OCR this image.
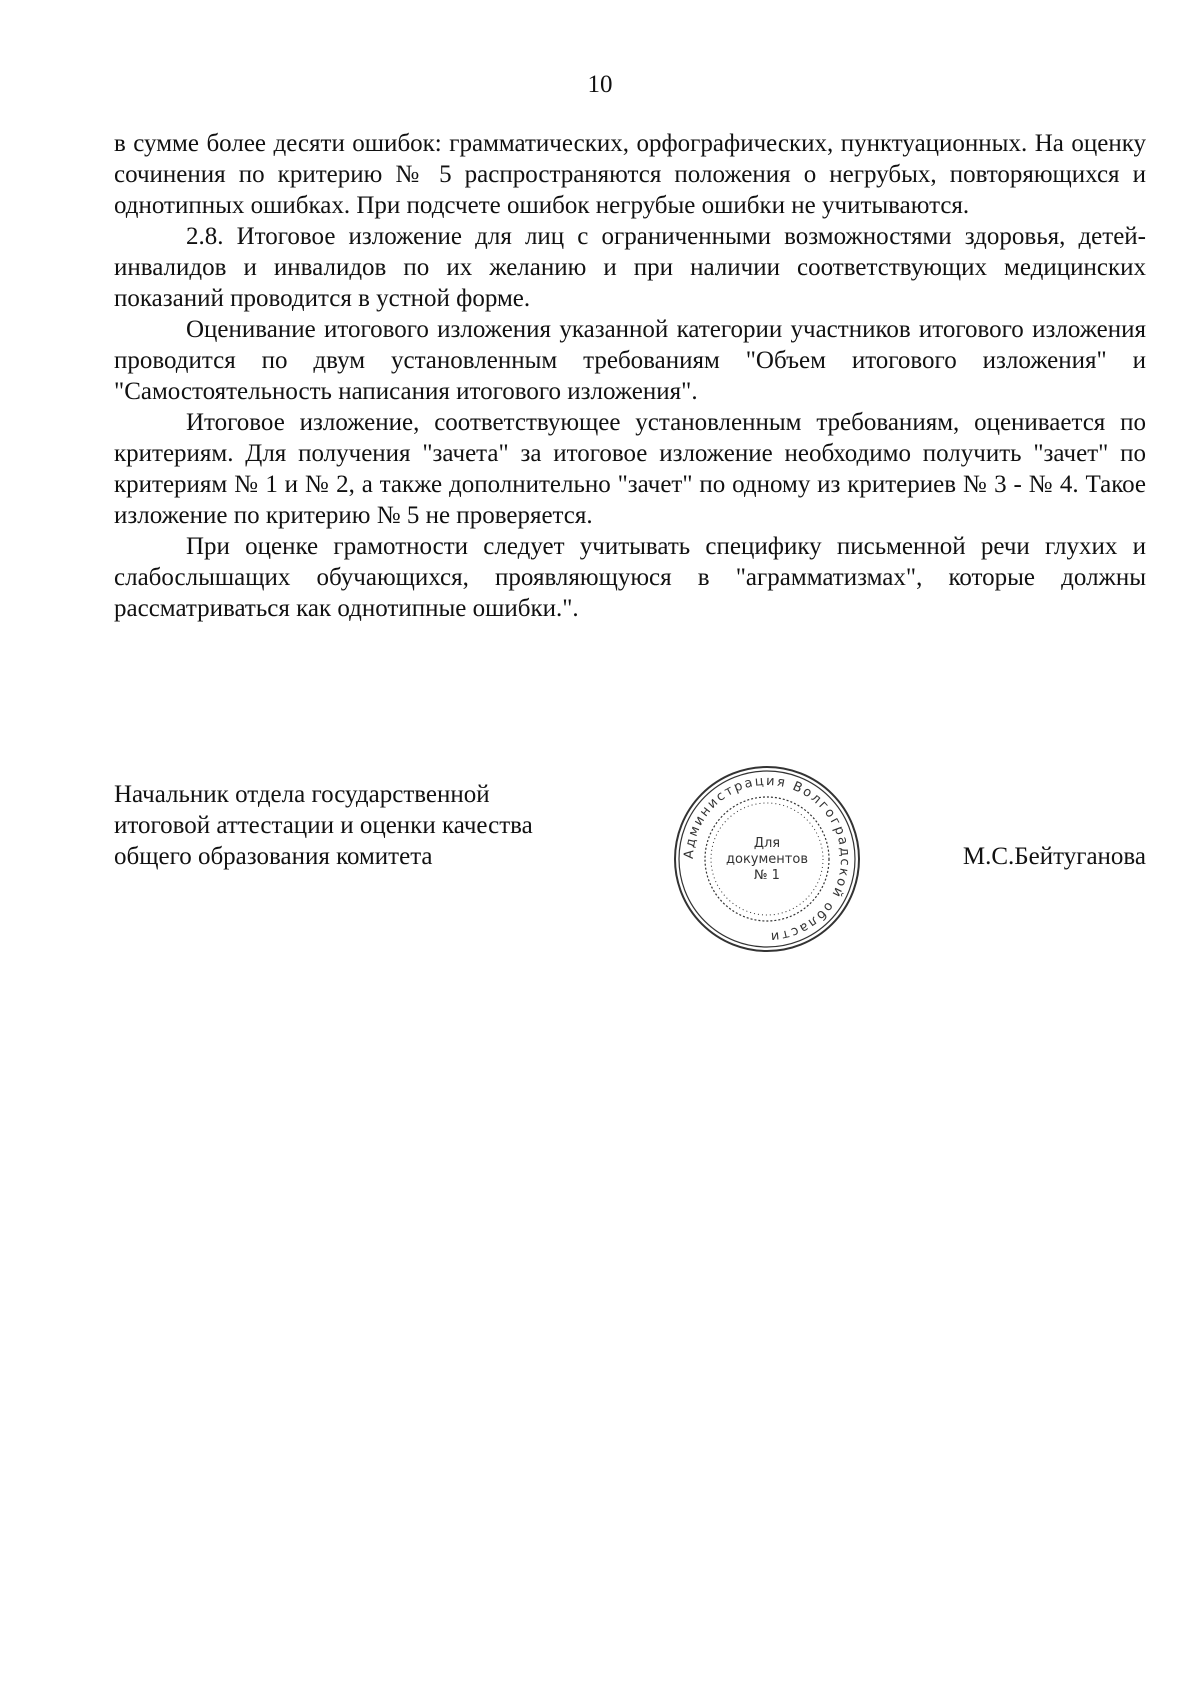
10

в сумме более десяти ошибок: грамматических, орфографических, пунктуационных. На оценку сочинения по критерию № 5 распространяются положения о негрубых, повторяющихся и однотипных ошибках. При подсчете ошибок негрубые ошибки не учитываются.

2.8. Итоговое изложение для лиц с ограниченными возможностями здоровья, детей-инвалидов и инвалидов по их желанию и при наличии соответствующих медицинских показаний проводится в устной форме.

Оценивание итогового изложения указанной категории участников итогового изложения проводится по двум установленным требованиям "Объем итогового изложения" и "Самостоятельность написания итогового изложения".

Итоговое изложение, соответствующее установленным требованиям, оценивается по критериям. Для получения "зачета" за итоговое изложение необходимо получить "зачет" по критериям № 1 и № 2, а также дополнительно "зачет" по одному из критериев № 3 - № 4. Такое изложение по критерию № 5 не проверяется.

При оценке грамотности следует учитывать специфику письменной речи глухих и слабослышащих обучающихся, проявляющуюся в "аграмматизмах", которые должны рассматриваться как однотипные ошибки.".

Начальник отдела государственной
итоговой аттестации и оценки качества
общего образования комитета	Администрация Волгоградской области
Для
документов
№ 1
М.С.Бейтуганова
